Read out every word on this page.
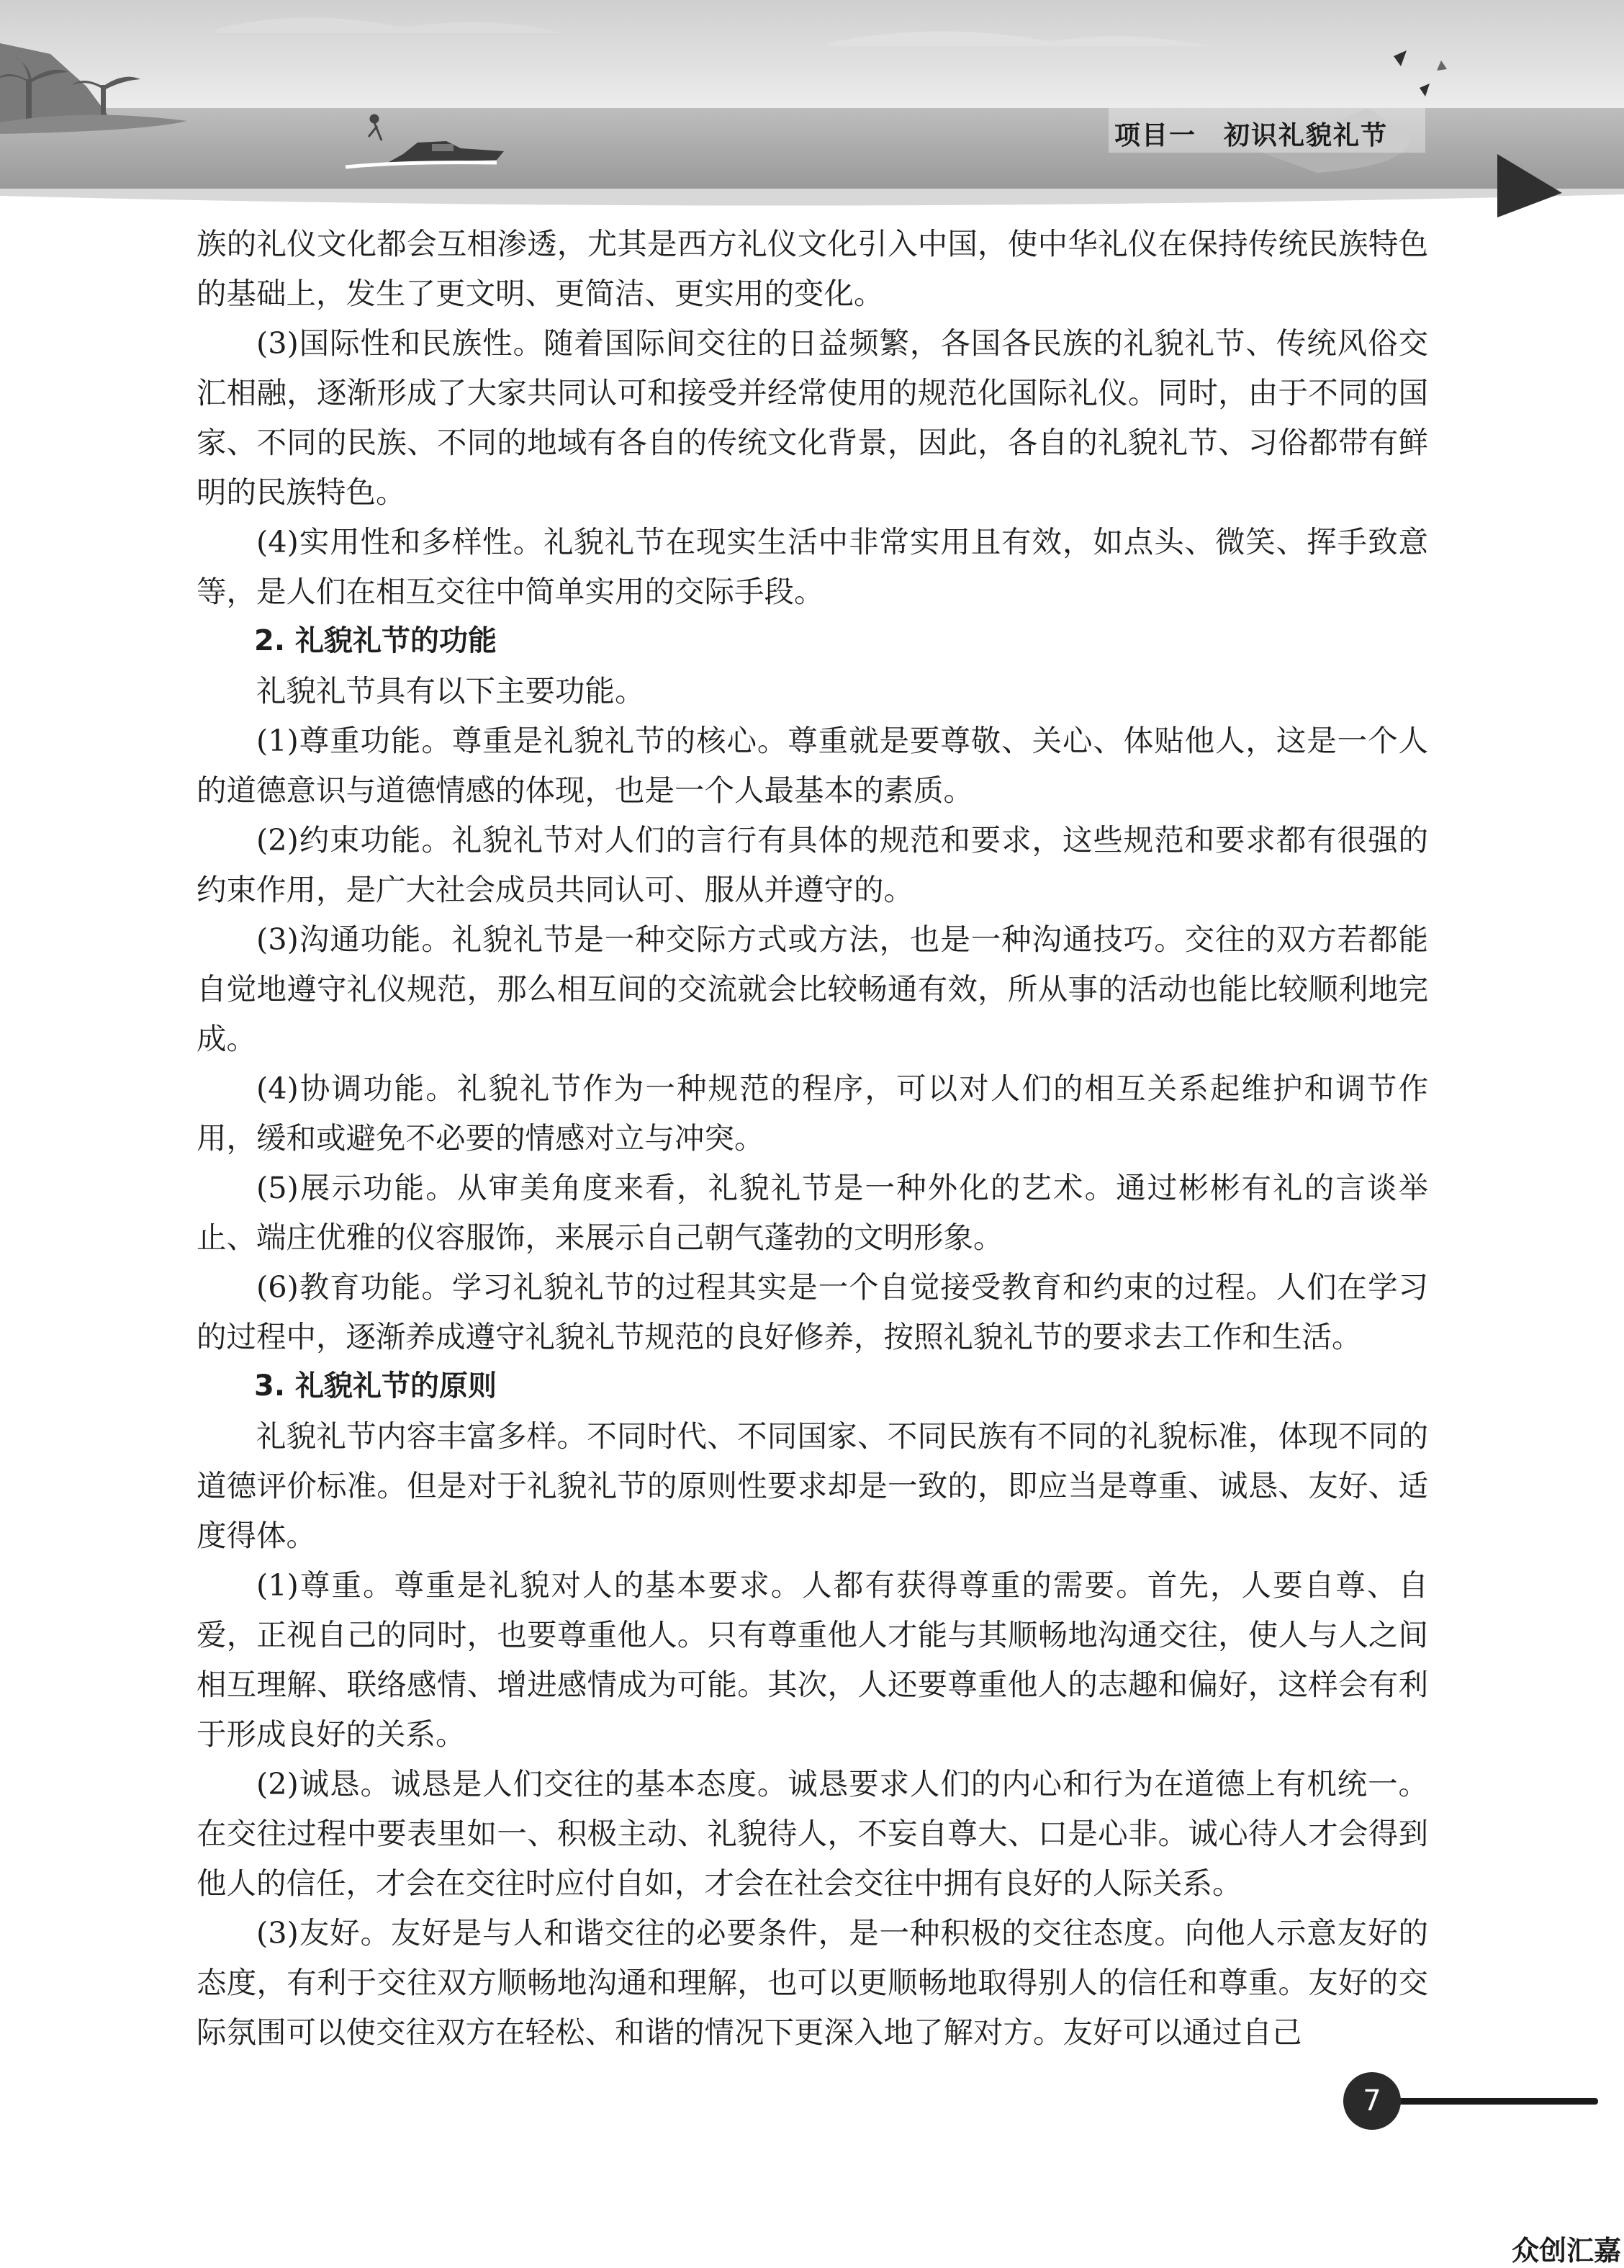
项目一　初识礼貌礼节

族的礼仪文化都会互相渗透，尤其是西方礼仪文化引入中国，使中华礼仪在保持传统民族特色的基础上，发生了更文明、更简洁、更实用的变化。

(3)国际性和民族性。随着国际间交往的日益频繁，各国各民族的礼貌礼节、传统风俗交汇相融，逐渐形成了大家共同认可和接受并经常使用的规范化国际礼仪。同时，由于不同的国家、不同的民族、不同的地域有各自的传统文化背景，因此，各自的礼貌礼节、习俗都带有鲜明的民族特色。

(4)实用性和多样性。礼貌礼节在现实生活中非常实用且有效，如点头、微笑、挥手致意等，是人们在相互交往中简单实用的交际手段。

2. 礼貌礼节的功能

礼貌礼节具有以下主要功能。

(1)尊重功能。尊重是礼貌礼节的核心。尊重就是要尊敬、关心、体贴他人，这是一个人的道德意识与道德情感的体现，也是一个人最基本的素质。

(2)约束功能。礼貌礼节对人们的言行有具体的规范和要求，这些规范和要求都有很强的约束作用，是广大社会成员共同认可、服从并遵守的。

(3)沟通功能。礼貌礼节是一种交际方式或方法，也是一种沟通技巧。交往的双方若都能自觉地遵守礼仪规范，那么相互间的交流就会比较畅通有效，所从事的活动也能比较顺利地完成。

(4)协调功能。礼貌礼节作为一种规范的程序，可以对人们的相互关系起维护和调节作用，缓和或避免不必要的情感对立与冲突。

(5)展示功能。从审美角度来看，礼貌礼节是一种外化的艺术。通过彬彬有礼的言谈举止、端庄优雅的仪容服饰，来展示自己朝气蓬勃的文明形象。

(6)教育功能。学习礼貌礼节的过程其实是一个自觉接受教育和约束的过程。人们在学习的过程中，逐渐养成遵守礼貌礼节规范的良好修养，按照礼貌礼节的要求去工作和生活。

3. 礼貌礼节的原则

礼貌礼节内容丰富多样。不同时代、不同国家、不同民族有不同的礼貌标准，体现不同的道德评价标准。但是对于礼貌礼节的原则性要求却是一致的，即应当是尊重、诚恳、友好、适度得体。

(1)尊重。尊重是礼貌对人的基本要求。人都有获得尊重的需要。首先，人要自尊、自爱，正视自己的同时，也要尊重他人。只有尊重他人才能与其顺畅地沟通交往，使人与人之间相互理解、联络感情、增进感情成为可能。其次，人还要尊重他人的志趣和偏好，这样会有利于形成良好的关系。

(2)诚恳。诚恳是人们交往的基本态度。诚恳要求人们的内心和行为在道德上有机统一。在交往过程中要表里如一、积极主动、礼貌待人，不妄自尊大、口是心非。诚心待人才会得到他人的信任，才会在交往时应付自如，才会在社会交往中拥有良好的人际关系。

(3)友好。友好是与人和谐交往的必要条件，是一种积极的交往态度。向他人示意友好的态度，有利于交往双方顺畅地沟通和理解，也可以更顺畅地取得别人的信任和尊重。友好的交际氛围可以使交往双方在轻松、和谐的情况下更深入地了解对方。友好可以通过自己

7
众创汇嘉
